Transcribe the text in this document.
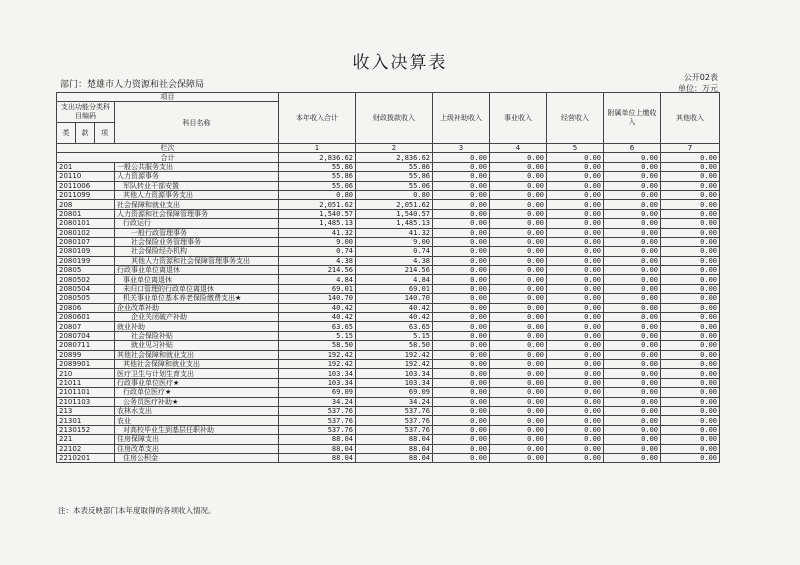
收入决算表
部门：楚雄市人力资源和社会保障局
公开02表
单位：万元
项目				本年收入合计	财政拨款收入	上级补助收入	事业收入	经营收入	附属单位上缴收入	其他收入
支出功能分类科目编码			科目名称							
类	款	项								
栏次				1	2	3	4	5	6	7
合计				2,836.62	2,836.62	0.00	0.00	0.00	0.00	0.00
201			一般公共服务支出	55.86	55.86	0.00	0.00	0.00	0.00	0.00
20110			人力资源事务	55.86	55.86	0.00	0.00	0.00	0.00	0.00
2011006			军队转业干部安置	55.06	55.06	0.00	0.00	0.00	0.00	0.00
2011099			其他人力资源事务支出	0.80	0.80	0.00	0.00	0.00	0.00	0.00
208			社会保障和就业支出	2,051.62	2,051.62	0.00	0.00	0.00	0.00	0.00
20801			人力资源和社会保障管理事务	1,540.57	1,540.57	0.00	0.00	0.00	0.00	0.00
2080101			行政运行	1,485.13	1,485.13	0.00	0.00	0.00	0.00	0.00
2080102			一般行政管理事务	41.32	41.32	0.00	0.00	0.00	0.00	0.00
2080107			社会保险业务管理事务	9.00	9.00	0.00	0.00	0.00	0.00	0.00
2080109			社会保险经办机构	0.74	0.74	0.00	0.00	0.00	0.00	0.00
2080199			其他人力资源和社会保障管理事务支出	4.38	4.38	0.00	0.00	0.00	0.00	0.00
20805			行政事业单位离退休	214.56	214.56	0.00	0.00	0.00	0.00	0.00
2080502			事业单位离退休	4.84	4.84	0.00	0.00	0.00	0.00	0.00
2080504			未归口管理的行政单位离退休	69.01	69.01	0.00	0.00	0.00	0.00	0.00
2080505			机关事业单位基本养老保险缴费支出★	140.70	140.70	0.00	0.00	0.00	0.00	0.00
20806			企业改革补助	40.42	40.42	0.00	0.00	0.00	0.00	0.00
2080601			企业关闭破产补助	40.42	40.42	0.00	0.00	0.00	0.00	0.00
20807			就业补助	63.65	63.65	0.00	0.00	0.00	0.00	0.00
2080704			社会保险补贴	5.15	5.15	0.00	0.00	0.00	0.00	0.00
2080711			就业见习补贴	58.50	58.50	0.00	0.00	0.00	0.00	0.00
20899			其他社会保障和就业支出	192.42	192.42	0.00	0.00	0.00	0.00	0.00
2089901			其他社会保障和就业支出	192.42	192.42	0.00	0.00	0.00	0.00	0.00
210			医疗卫生与计划生育支出	103.34	103.34	0.00	0.00	0.00	0.00	0.00
21011			行政事业单位医疗★	103.34	103.34	0.00	0.00	0.00	0.00	0.00
2101101			行政单位医疗★	69.09	69.09	0.00	0.00	0.00	0.00	0.00
2101103			公务员医疗补助★	34.24	34.24	0.00	0.00	0.00	0.00	0.00
213			农林水支出	537.76	537.76	0.00	0.00	0.00	0.00	0.00
21301			农业	537.76	537.76	0.00	0.00	0.00	0.00	0.00
2130152			对高校毕业生到基层任职补助	537.76	537.76	0.00	0.00	0.00	0.00	0.00
221			住房保障支出	88.04	88.04	0.00	0.00	0.00	0.00	0.00
22102			住房改革支出	88.04	88.04	0.00	0.00	0.00	0.00	0.00
2210201			住房公积金	88.04	88.04	0.00	0.00	0.00	0.00	0.00
注：本表反映部门本年度取得的各项收入情况。
